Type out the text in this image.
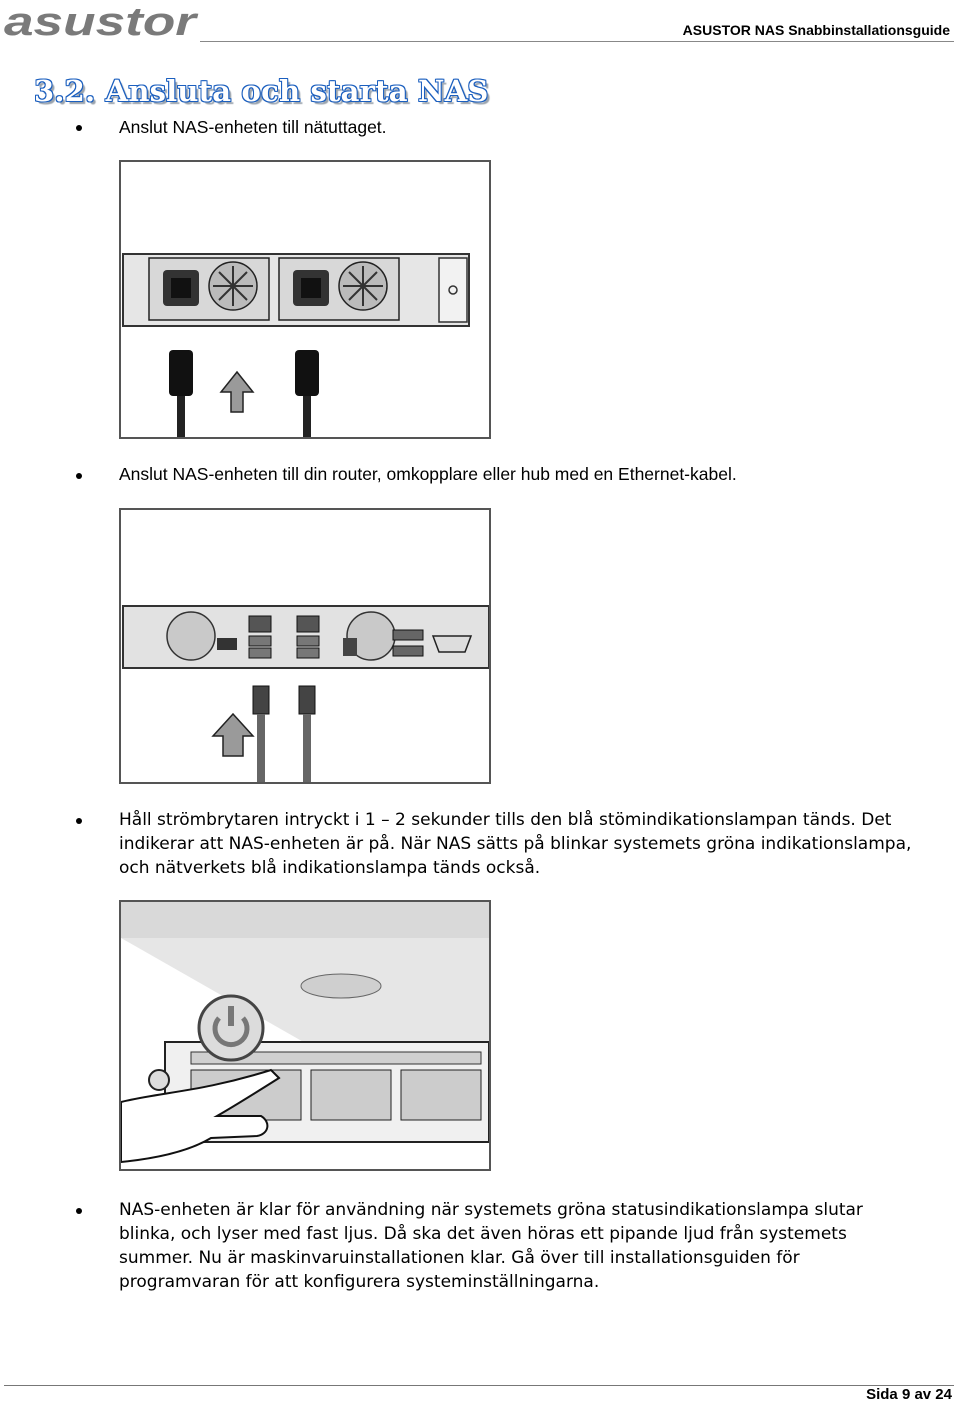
asustor	ASUSTOR NAS Snabbinstallationsguide
3.2. Ansluta och starta NAS
Anslut NAS-enheten till nätuttaget.
Anslut NAS-enheten till din router, omkopplare eller hub med en Ethernet-kabel.
Håll strömbrytaren intryckt i 1 – 2 sekunder tills den blå stömindikationslampan tänds. Det indikerar att NAS-enheten är på. När NAS sätts på blinkar systemets gröna indikationslampa, och nätverkets blå indikationslampa tänds också.
NAS-enheten är klar för användning när systemets gröna statusindikationslampa slutar blinka, och lyser med fast ljus. Då ska det även höras ett pipande ljud från systemets summer. Nu är maskinvaruinstallationen klar. Gå över till installationsguiden för programvaran för att konfigurera systeminställningarna.
Sida 9 av 24
